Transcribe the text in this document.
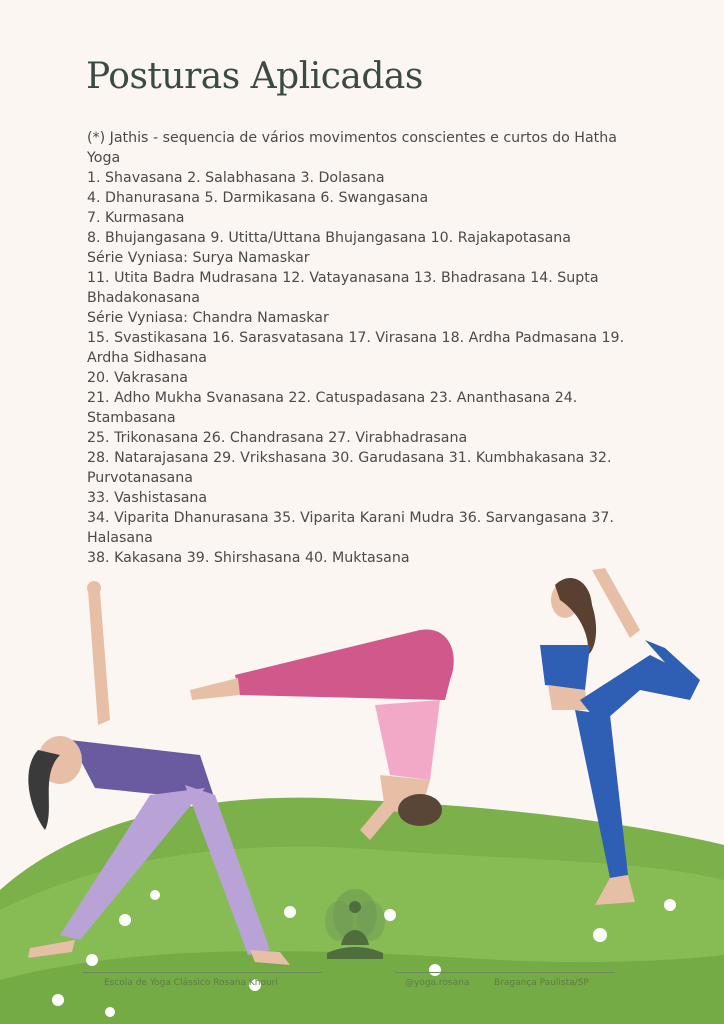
Posturas Aplicadas
(*) Jathis - sequencia de vários movimentos conscientes e curtos do Hatha Yoga
1. Shavasana 2. Salabhasana 3. Dolasana
4. Dhanurasana 5. Darmikasana 6. Swangasana
7. Kurmasana
8. Bhujangasana 9. Utitta/Uttana Bhujangasana 10. Rajakapotasana
Série Vyniasa: Surya Namaskar
11. Utita Badra Mudrasana 12. Vatayanasana 13. Bhadrasana 14. Supta Bhadakonasana
Série Vyniasa: Chandra Namaskar
15. Svastikasana 16. Sarasvatasana 17. Virasana 18. Ardha Padmasana 19. Ardha Sidhasana
20. Vakrasana
21. Adho Mukha Svanasana 22. Catuspadasana 23. Ananthasana 24. Stambasana
25. Trikonasana 26. Chandrasana 27. Virabhadrasana
28. Natarajasana 29. Vrikshasana 30. Garudasana 31. Kumbhakasana 32. Purvotanasana
33. Vashistasana
34. Viparita Dhanurasana 35. Viparita Karani Mudra 36. Sarvangasana 37. Halasana
38. Kakasana 39. Shirshasana 40. Muktasana
Escola de Yoga Clássico Rosana Khouri	@yoga.rosana	Bragança Paulista/SP
